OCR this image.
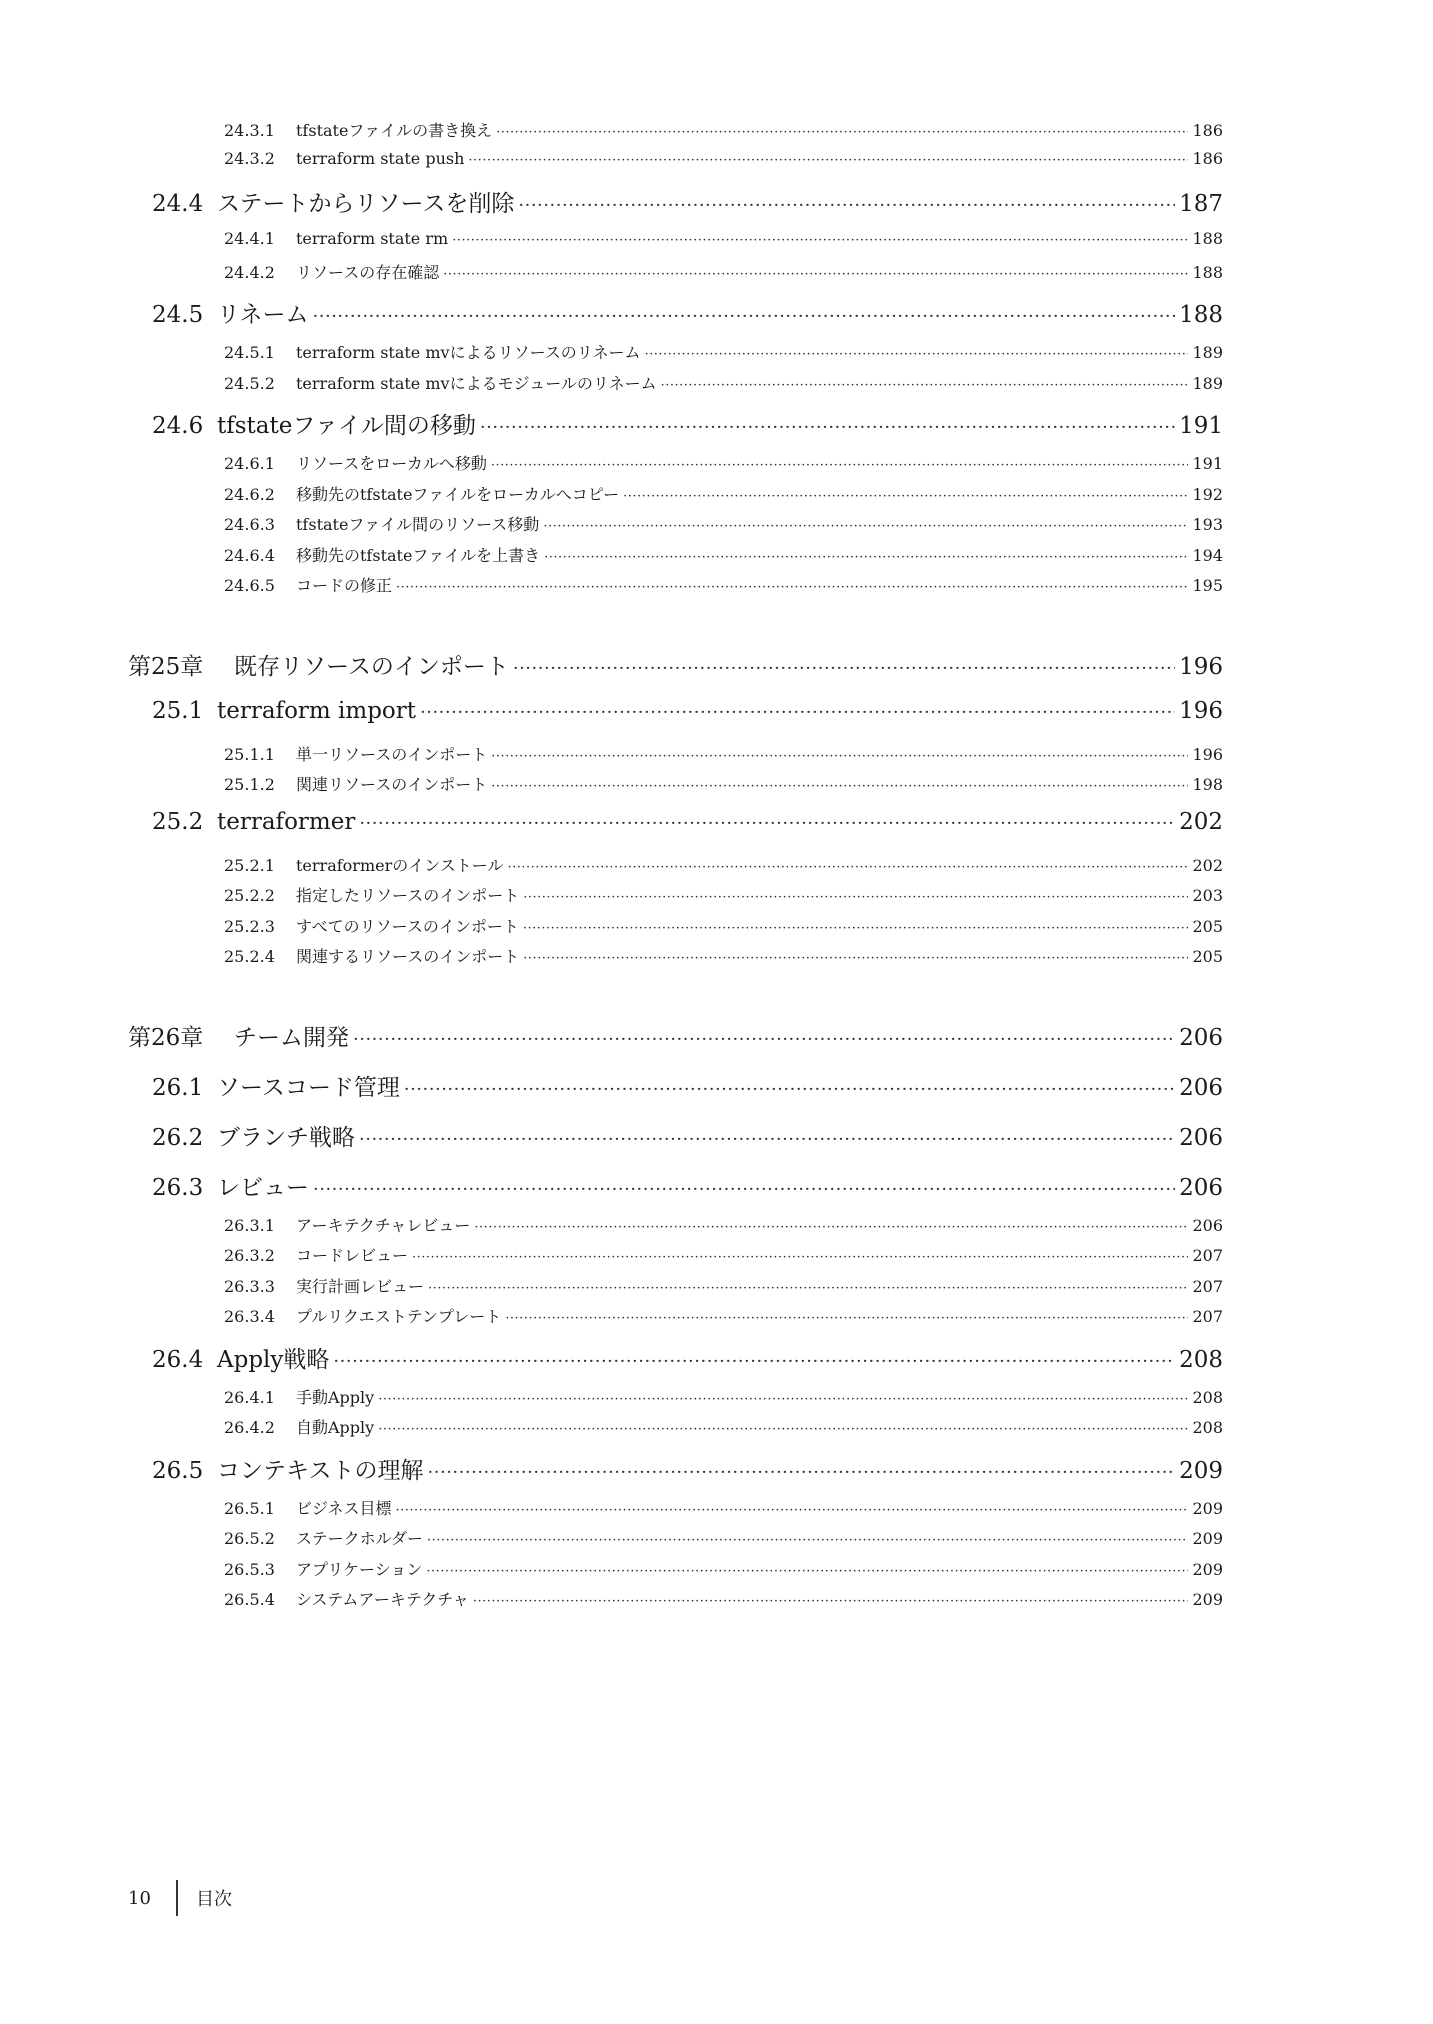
24.3.1	tfstateファイルの書き換え ·····	186
24.3.2	terraform state push ·····	186
24.4 ステートからリソースを削除 ·····	187
24.4.1	terraform state rm ·····	188
24.4.2	リソースの存在確認 ·····	188
24.5 リネーム ·····	188
24.5.1	terraform state mvによるリソースのリネーム ·····	189
24.5.2	terraform state mvによるモジュールのリネーム ·····	189
24.6 tfstateファイル間の移動 ·····	191
24.6.1	リソースをローカルへ移動 ·····	191
24.6.2	移動先のtfstateファイルをローカルへコピー ·····	192
24.6.3	tfstateファイル間のリソース移動 ·····	193
24.6.4	移動先のtfstateファイルを上書き ·····	194
24.6.5	コードの修正 ·····	195
第25章	既存リソースのインポート ·····	196
25.1 terraform import ·····	196
25.1.1	単一リソースのインポート ·····	196
25.1.2	関連リソースのインポート ·····	198
25.2 terraformer ·····	202
25.2.1	terraformerのインストール ·····	202
25.2.2	指定したリソースのインポート ·····	203
25.2.3	すべてのリソースのインポート ·····	205
25.2.4	関連するリソースのインポート ·····	205
第26章	チーム開発 ·····	206
26.1 ソースコード管理 ·····	206
26.2 ブランチ戦略 ·····	206
26.3 レビュー ·····	206
26.3.1	アーキテクチャレビュー ·····	206
26.3.2	コードレビュー ·····	207
26.3.3	実行計画レビュー ·····	207
26.3.4	プルリクエストテンプレート ·····	207
26.4 Apply戦略 ·····	208
26.4.1	手動Apply ·····	208
26.4.2	自動Apply ·····	208
26.5 コンテキストの理解 ·····	209
26.5.1	ビジネス目標 ·····	209
26.5.2	ステークホルダー ·····	209
26.5.3	アプリケーション ·····	209
26.5.4	システムアーキテクチャ ·····	209
10	目次
